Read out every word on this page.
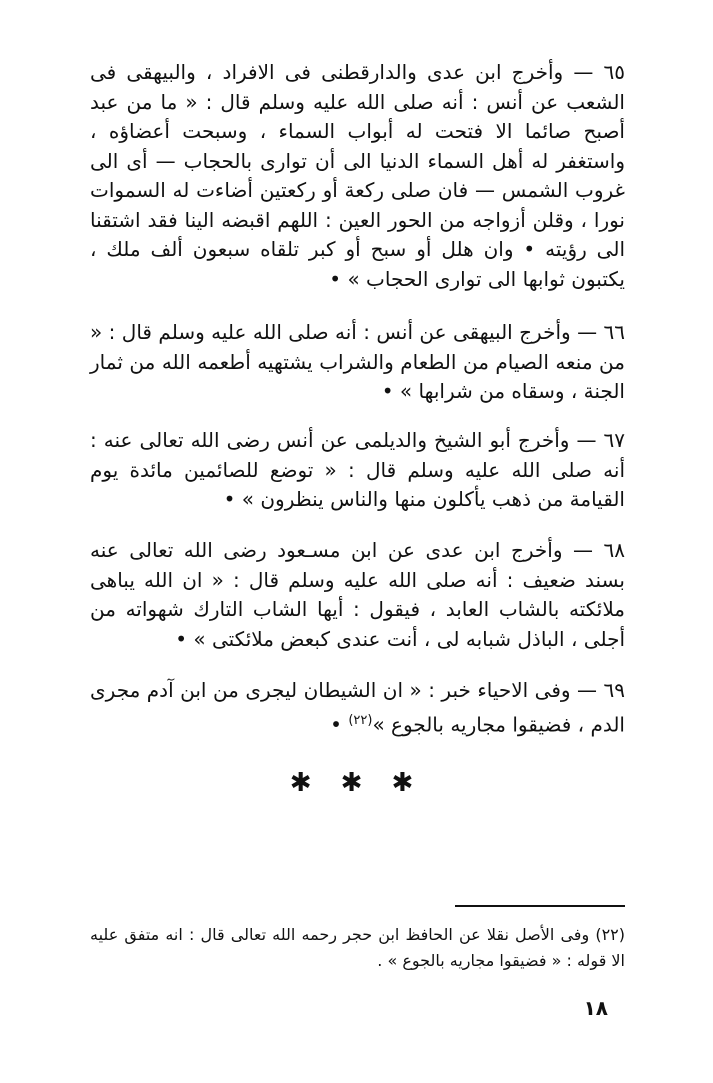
٦٥ — وأخرج ابن عدى والدارقطنى فى الافراد ، والبيهقى فى الشعب عن أنس : أنه صلى الله عليه وسلم قال : « ما من عبد أصبح صائما الا فتحت له أبواب السماء ، وسبحت أعضاؤه ، واستغفر له أهل السماء الدنيا الى أن توارى بالحجاب — أى الى غروب الشمس — فان صلى ركعة أو ركعتين أضاءت له السموات نورا ، وقلن أزواجه من الحور العين : اللهم اقبضه الينا فقد اشتقنا الى رؤيته • وان هلل أو سبح أو كبر تلقاه سبعون ألف ملك ، يكتبون ثوابها الى توارى الحجاب » •

٦٦ — وأخرج البيهقى عن أنس : أنه صلى الله عليه وسلم قال : « من منعه الصيام من الطعام والشراب يشتهيه أطعمه الله من ثمار الجنة ، وسقاه من شرابها » •

٦٧ — وأخرج أبو الشيخ والديلمى عن أنس رضى الله تعالى عنه : أنه صلى الله عليه وسلم قال : « توضع للصائمين مائدة يوم القيامة من ذهب يأكلون منها والناس ينظرون » •

٦٨ — وأخرج ابن عدى عن ابن مسـعود رضى الله تعالى عنه بسند ضعيف : أنه صلى الله عليه وسلم قال : « ان الله يباهى ملائكته بالشاب العابد ، فيقول : أيها الشاب التارك شهواته من أجلى ، الباذل شبابه لى ، أنت عندى كبعض ملائكتى » •

٦٩ — وفى الاحياء خبر : « ان الشيطان ليجرى من ابن آدم مجرى الدم ، فضيقوا مجاريه بالجوع »$^{(٢٢)}$ •

✱ ✱ ✱

(٢٢) وفى الأصل نقلا عن الحافظ ابن حجر رحمه الله تعالى قال : انه متفق عليه الا قوله : « فضيقوا مجاريه بالجوع » .

١٨
